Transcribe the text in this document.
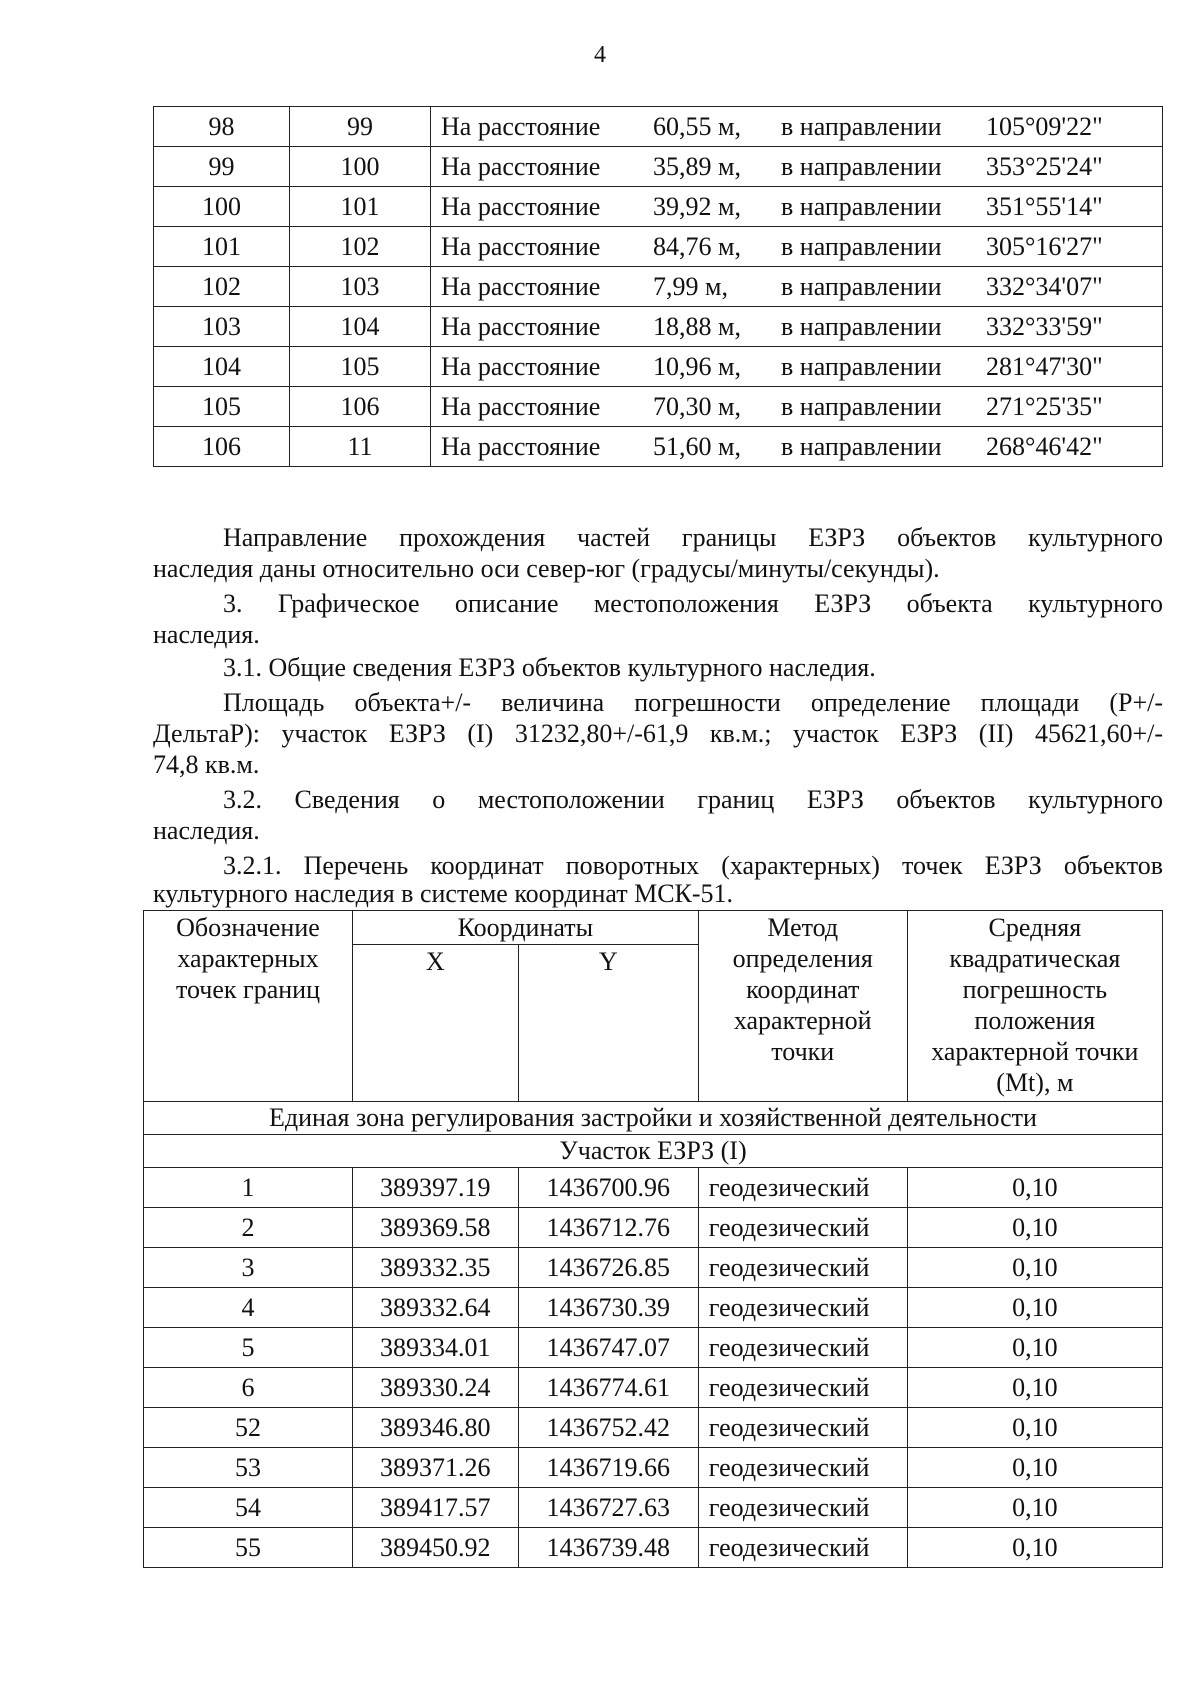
4
98	99	На расстояние 60,55 м, в направлении 105°09'22"
99	100	На расстояние 35,89 м, в направлении 353°25'24"
100	101	На расстояние 39,92 м, в направлении 351°55'14"
101	102	На расстояние 84,76 м, в направлении 305°16'27"
102	103	На расстояние 7,99 м, в направлении 332°34'07"
103	104	На расстояние 18,88 м, в направлении 332°33'59"
104	105	На расстояние 10,96 м, в направлении 281°47'30"
105	106	На расстояние 70,30 м, в направлении 271°25'35"
106	11	На расстояние 51,60 м, в направлении 268°46'42"
Направление прохождения частей границы ЕЗРЗ объектов культурного
наследия даны относительно оси север-юг (градусы/минуты/секунды).
3. Графическое описание местоположения ЕЗРЗ объекта культурного
наследия.
3.1. Общие сведения ЕЗРЗ объектов культурного наследия.
Площадь объекта+/- величина погрешности определение площади (P+/-
ДельтаР): участок ЕЗРЗ (I) 31232,80+/-61,9 кв.м.; участок ЕЗРЗ (II) 45621,60+/-
74,8 кв.м.
3.2. Сведения о местоположении границ ЕЗРЗ объектов культурного
наследия.
3.2.1. Перечень координат поворотных (характерных) точек ЕЗРЗ объектов
культурного наследия в системе координат МСК-51.
Обозначение характерных точек границ	Координаты		Метод определения координат характерной точки	Средняя квадратическая погрешность положения характерной точки (Mt), м
	X	Y		
Единая зона регулирования застройки и хозяйственной деятельности				
Участок ЕЗРЗ (I)				
1	389397.19	1436700.96	геодезический	0,10
2	389369.58	1436712.76	геодезический	0,10
3	389332.35	1436726.85	геодезический	0,10
4	389332.64	1436730.39	геодезический	0,10
5	389334.01	1436747.07	геодезический	0,10
6	389330.24	1436774.61	геодезический	0,10
52	389346.80	1436752.42	геодезический	0,10
53	389371.26	1436719.66	геодезический	0,10
54	389417.57	1436727.63	геодезический	0,10
55	389450.92	1436739.48	геодезический	0,10
